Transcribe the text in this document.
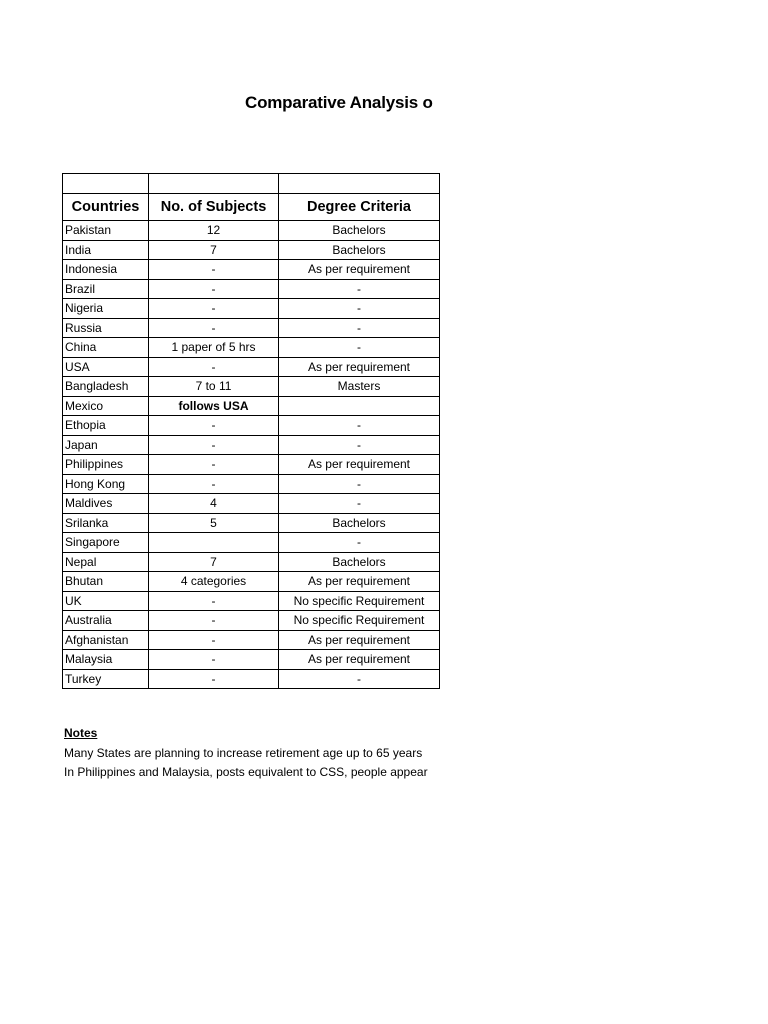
Comparative Analysis o

Countries	No. of Subjects	Degree Criteria
Pakistan	12	Bachelors
India	7	Bachelors
Indonesia	-	As per requirement
Brazil	-	-
Nigeria	-	-
Russia	-	-
China	1 paper of 5 hrs	-
USA	-	As per requirement
Bangladesh	7 to 11	Masters
Mexico	follows USA	
Ethopia	-	-
Japan	-	-
Philippines	-	As per requirement
Hong Kong	-	-
Maldives	4	-
Srilanka	5	Bachelors
Singapore		-
Nepal	7	Bachelors
Bhutan	4 categories	As per requirement
UK	-	No specific Requirement
Australia	-	No specific Requirement
Afghanistan	-	As per requirement
Malaysia	-	As per requirement
Turkey	-	-
Notes
Many States are planning to increase retirement age up to 65 years
In Philippines and Malaysia, posts equivalent to CSS, people appear
